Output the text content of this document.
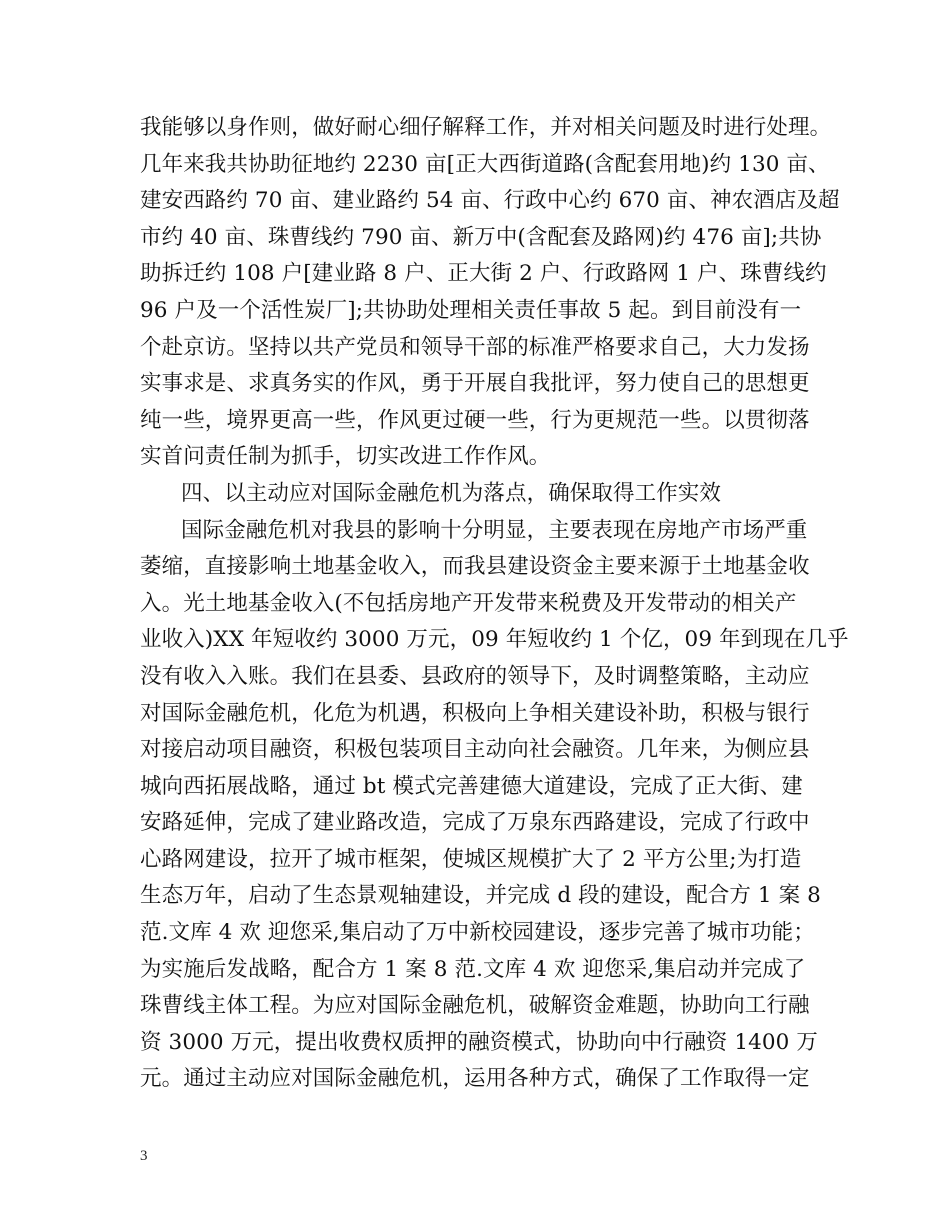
我能够以身作则，做好耐心细仔解释工作，并对相关问题及时进行处理。
几年来我共协助征地约 2230 亩[正大西街道路(含配套用地)约 130 亩、
建安西路约 70 亩、建业路约 54 亩、行政中心约 670 亩、神农酒店及超
市约 40 亩、珠曹线约 790 亩、新万中(含配套及路网)约 476 亩];共协
助拆迁约 108 户[建业路 8 户、正大街 2 户、行政路网 1 户、珠曹线约
96 户及一个活性炭厂];共协助处理相关责任事故 5 起。到目前没有一
个赴京访。坚持以共产党员和领导干部的标准严格要求自己，大力发扬
实事求是、求真务实的作风，勇于开展自我批评，努力使自己的思想更
纯一些，境界更高一些，作风更过硬一些，行为更规范一些。以贯彻落
实首问责任制为抓手，切实改进工作作风。
四、以主动应对国际金融危机为落点，确保取得工作实效
国际金融危机对我县的影响十分明显，主要表现在房地产市场严重
萎缩，直接影响土地基金收入，而我县建设资金主要来源于土地基金收
入。光土地基金收入(不包括房地产开发带来税费及开发带动的相关产
业收入)XX 年短收约 3000 万元，09 年短收约 1 个亿，09 年到现在几乎
没有收入入账。我们在县委、县政府的领导下，及时调整策略，主动应
对国际金融危机，化危为机遇，积极向上争相关建设补助，积极与银行
对接启动项目融资，积极包装项目主动向社会融资。几年来，为侧应县
城向西拓展战略，通过 bt 模式完善建德大道建设，完成了正大街、建
安路延伸，完成了建业路改造，完成了万泉东西路建设，完成了行政中
心路网建设，拉开了城市框架，使城区规模扩大了 2 平方公里;为打造
生态万年，启动了生态景观轴建设，并完成 d 段的建设，配合方 1 案 8
范.文库 4 欢 迎您采,集启动了万中新校园建设，逐步完善了城市功能；
为实施后发战略，配合方 1 案 8 范.文库 4 欢 迎您采,集启动并完成了
珠曹线主体工程。为应对国际金融危机，破解资金难题，协助向工行融
资 3000 万元，提出收费权质押的融资模式，协助向中行融资 1400 万
元。通过主动应对国际金融危机，运用各种方式，确保了工作取得一定
3
